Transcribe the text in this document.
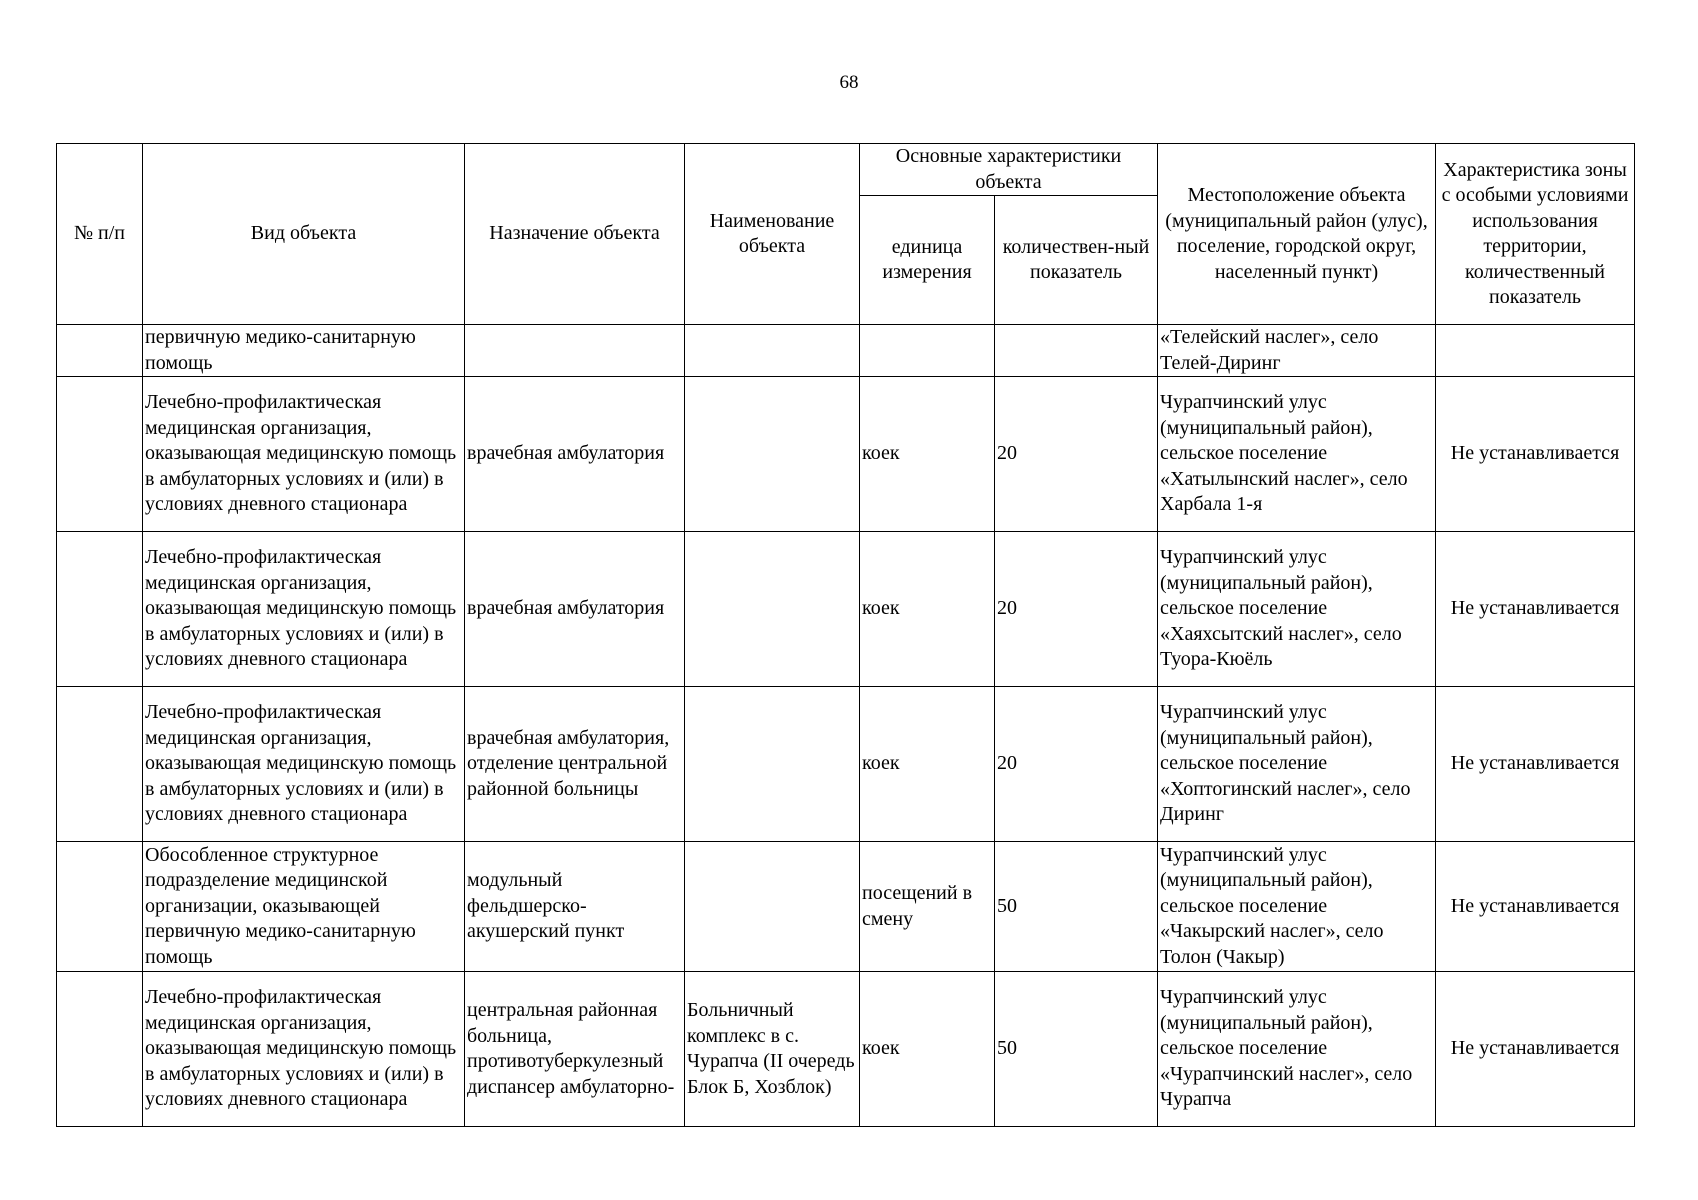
68
№ п/п	Вид объекта	Назначение объекта	Наименование объекта	Основные характеристики объекта		Местоположение объекта (муниципальный район (улус), поселение, городской округ, населенный пункт)	Характеристика зоны с особыми условиями использования территории, количественный показатель
				единица измерения	количествен-ный показатель		
	первичную медико-санитарную помощь					«Телейский наслег», село Телей-Диринг	
	Лечебно-профилактическая медицинская организация, оказывающая медицинскую помощь в амбулаторных условиях и (или) в условиях дневного стационара	врачебная амбулатория		коек	20	Чурапчинский улус (муниципальный район), сельское поселение «Хатылынский наслег», село Харбала 1-я	Не устанавливается
	Лечебно-профилактическая медицинская организация, оказывающая медицинскую помощь в амбулаторных условиях и (или) в условиях дневного стационара	врачебная амбулатория		коек	20	Чурапчинский улус (муниципальный район), сельское поселение «Хаяхсытский наслег», село Туора-Кюёль	Не устанавливается
	Лечебно-профилактическая медицинская организация, оказывающая медицинскую помощь в амбулаторных условиях и (или) в условиях дневного стационара	врачебная амбулатория, отделение центральной районной больницы		коек	20	Чурапчинский улус (муниципальный район), сельское поселение «Хоптогинский наслег», село Диринг	Не устанавливается
	Обособленное структурное подразделение медицинской организации, оказывающей первичную медико-санитарную помощь	модульный фельдшерско-акушерский пункт		посещений в смену	50	Чурапчинский улус (муниципальный район), сельское поселение «Чакырский наслег», село Толон (Чакыр)	Не устанавливается
	Лечебно-профилактическая медицинская организация, оказывающая медицинскую помощь в амбулаторных условиях и (или) в условиях дневного стационара	центральная районная больница, противотуберкулезный диспансер амбулаторно-	Больничный комплекс в с. Чурапча (II очередь Блок Б, Хозблок)	коек	50	Чурапчинский улус (муниципальный район), сельское поселение «Чурапчинский наслег», село Чурапча	Не устанавливается
